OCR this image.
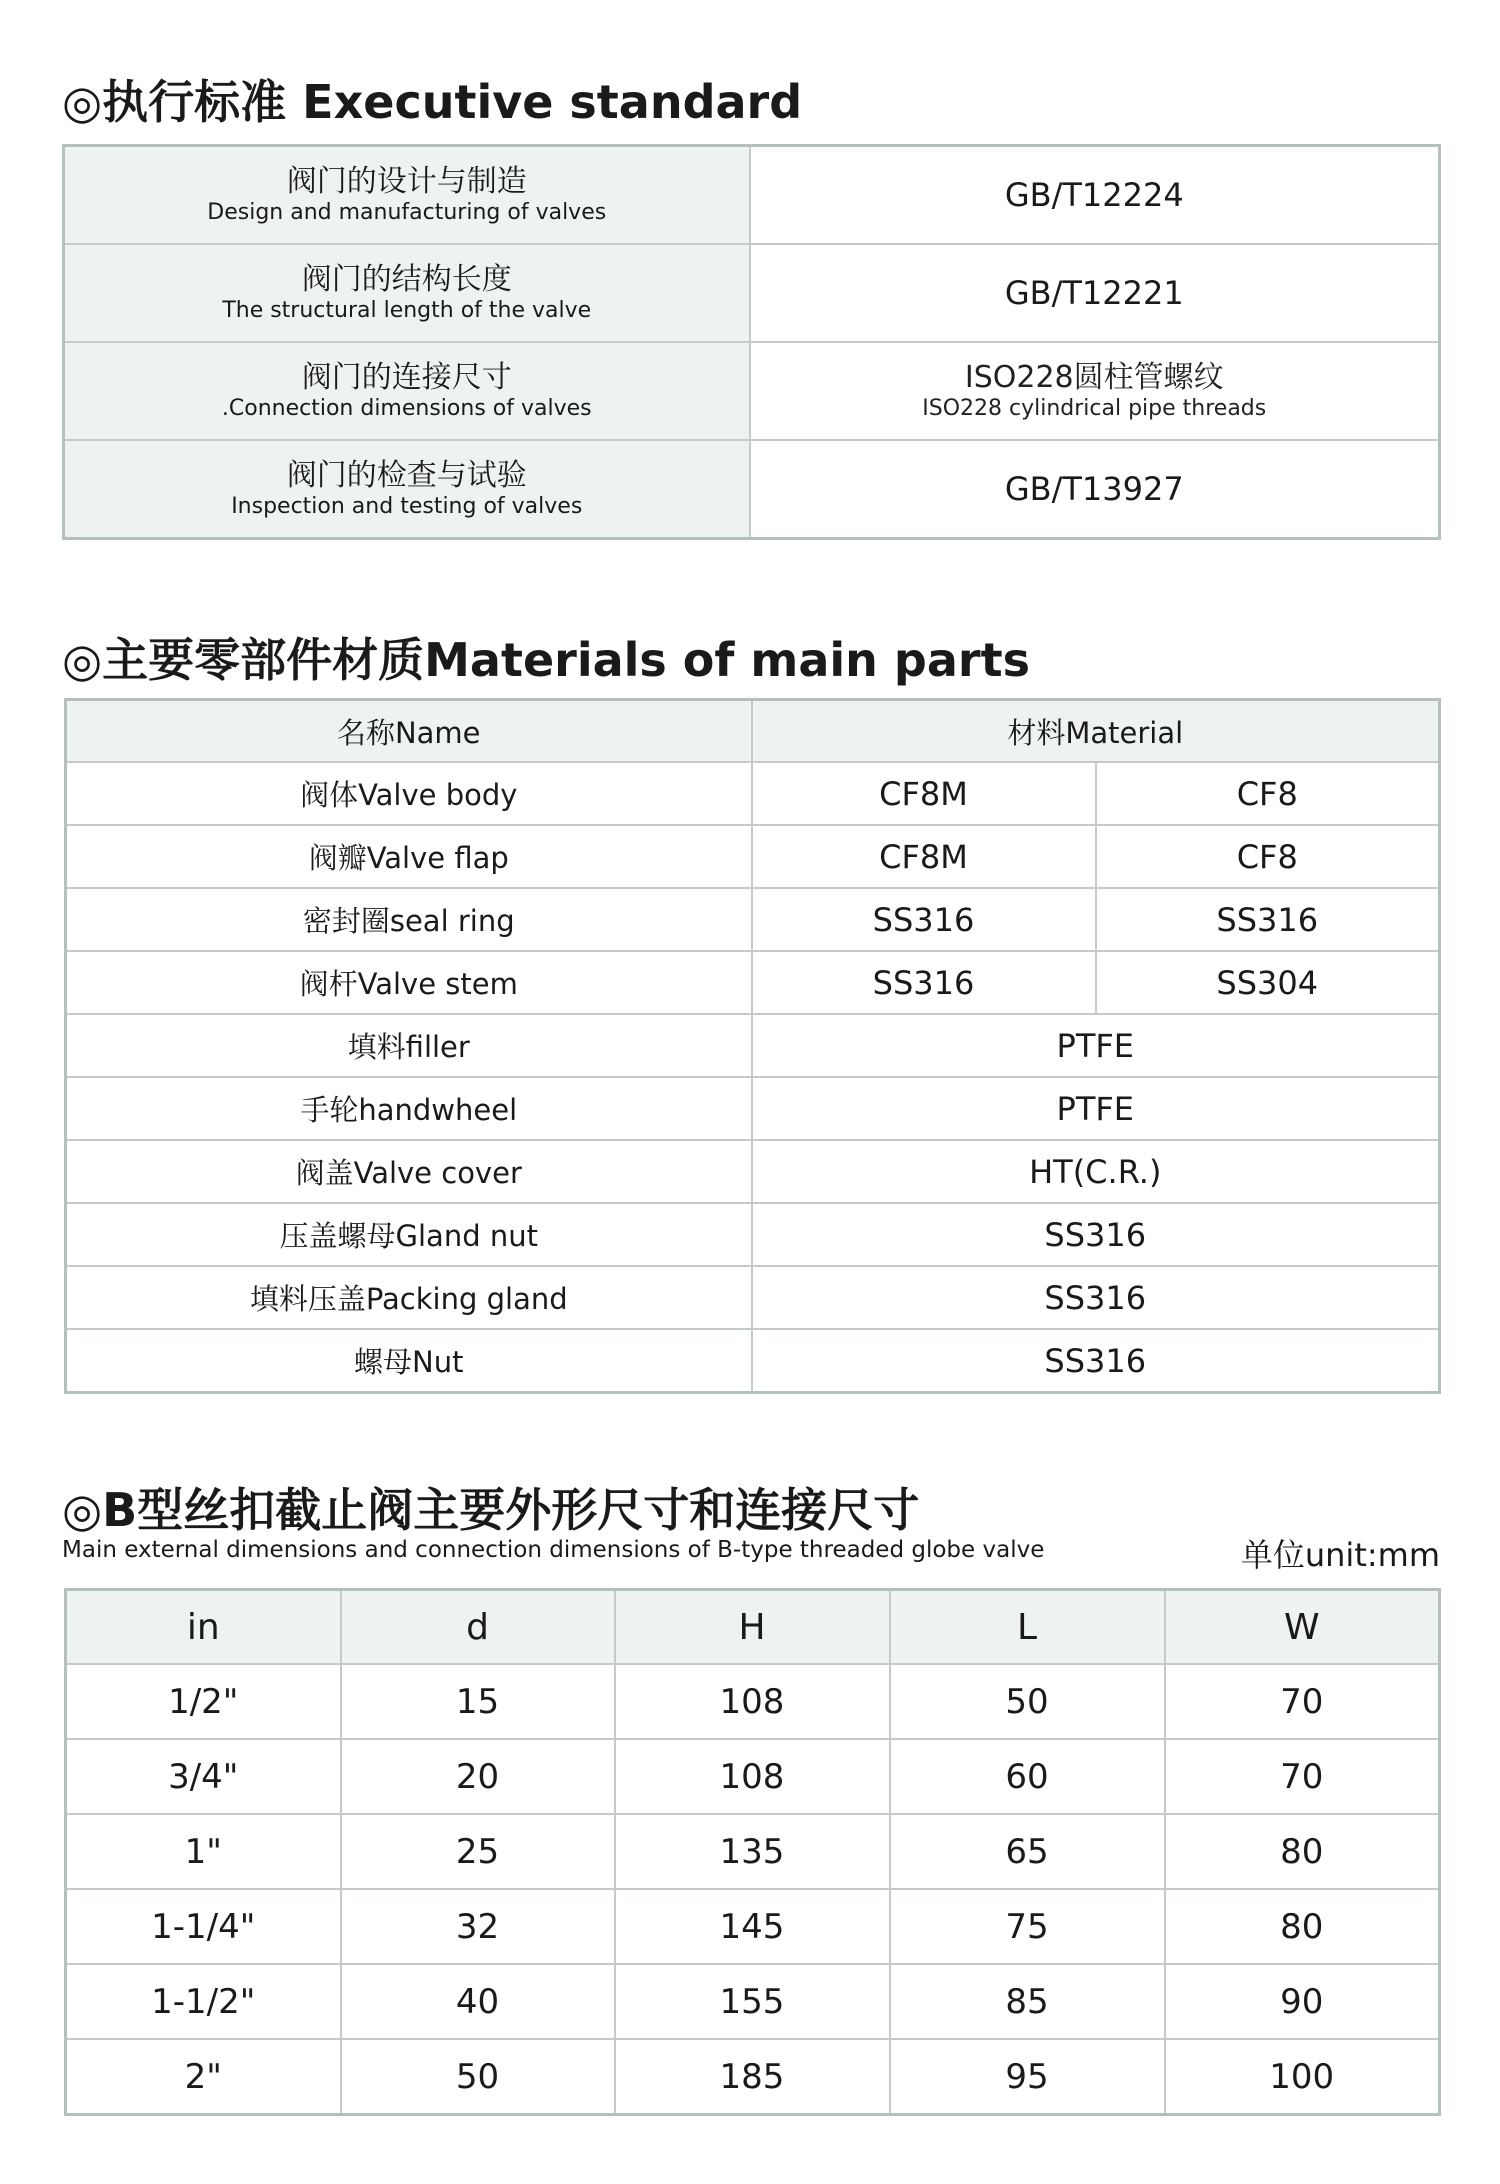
◎执行标准 Executive standard
阀门的设计与制造
Design and manufacturing of valves	GB/T12224

阀门的结构长度
The structural length of the valve	GB/T12221

阀门的连接尺寸
.Connection dimensions of valves	ISO228圆柱管螺纹
ISO228 cylindrical pipe threads

阀门的检查与试验
Inspection and testing of valves	GB/T13927
◎主要零部件材质Materials of main parts
名称Name	材料Material	
阀体Valve body	CF8M	CF8
阀瓣Valve flap	CF8M	CF8
密封圈seal ring	SS316	SS316
阀杆Valve stem	SS316	SS304
填料filler	PTFE	
手轮handwheel	PTFE	
阀盖Valve cover	HT(C.R.)	
压盖螺母Gland nut	SS316	
填料压盖Packing gland	SS316	
螺母Nut	SS316	
◎B型丝扣截止阀主要外形尺寸和连接尺寸
Main external dimensions and connection dimensions of B-type threaded globe valve	单位unit:mm
in	d	H	L	W
1/2"	15	108	50	70
3/4"	20	108	60	70
1"	25	135	65	80
1-1/4"	32	145	75	80
1-1/2"	40	155	85	90
2"	50	185	95	100
